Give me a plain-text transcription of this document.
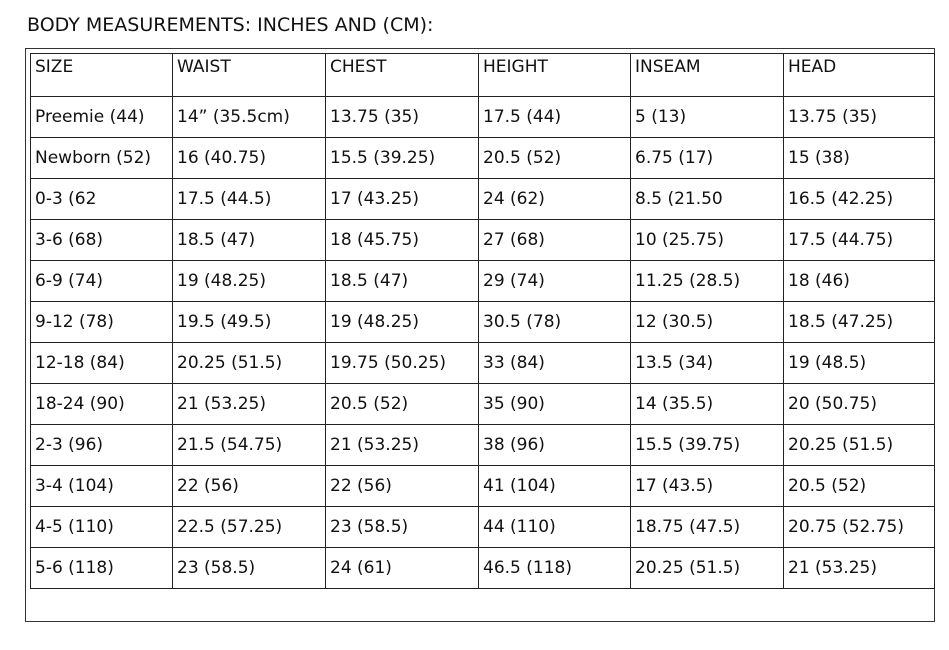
BODY MEASUREMENTS: INCHES AND (CM):
SIZE	WAIST	CHEST	HEIGHT	INSEAM	HEAD
Preemie (44)	14” (35.5cm)	13.75 (35)	17.5 (44)	5 (13)	13.75 (35)
Newborn (52)	16 (40.75)	15.5 (39.25)	20.5 (52)	6.75 (17)	15 (38)
0-3 (62	17.5 (44.5)	17 (43.25)	24 (62)	8.5 (21.50	16.5 (42.25)
3-6 (68)	18.5 (47)	18 (45.75)	27 (68)	10 (25.75)	17.5 (44.75)
6-9 (74)	19 (48.25)	18.5 (47)	29 (74)	11.25 (28.5)	18 (46)
9-12 (78)	19.5 (49.5)	19 (48.25)	30.5 (78)	12 (30.5)	18.5 (47.25)
12-18 (84)	20.25 (51.5)	19.75 (50.25)	33 (84)	13.5 (34)	19 (48.5)
18-24 (90)	21 (53.25)	20.5 (52)	35 (90)	14 (35.5)	20 (50.75)
2-3 (96)	21.5 (54.75)	21 (53.25)	38 (96)	15.5 (39.75)	20.25 (51.5)
3-4 (104)	22 (56)	22 (56)	41 (104)	17 (43.5)	20.5 (52)
4-5 (110)	22.5 (57.25)	23 (58.5)	44 (110)	18.75 (47.5)	20.75 (52.75)
5-6 (118)	23 (58.5)	24 (61)	46.5 (118)	20.25 (51.5)	21 (53.25)
